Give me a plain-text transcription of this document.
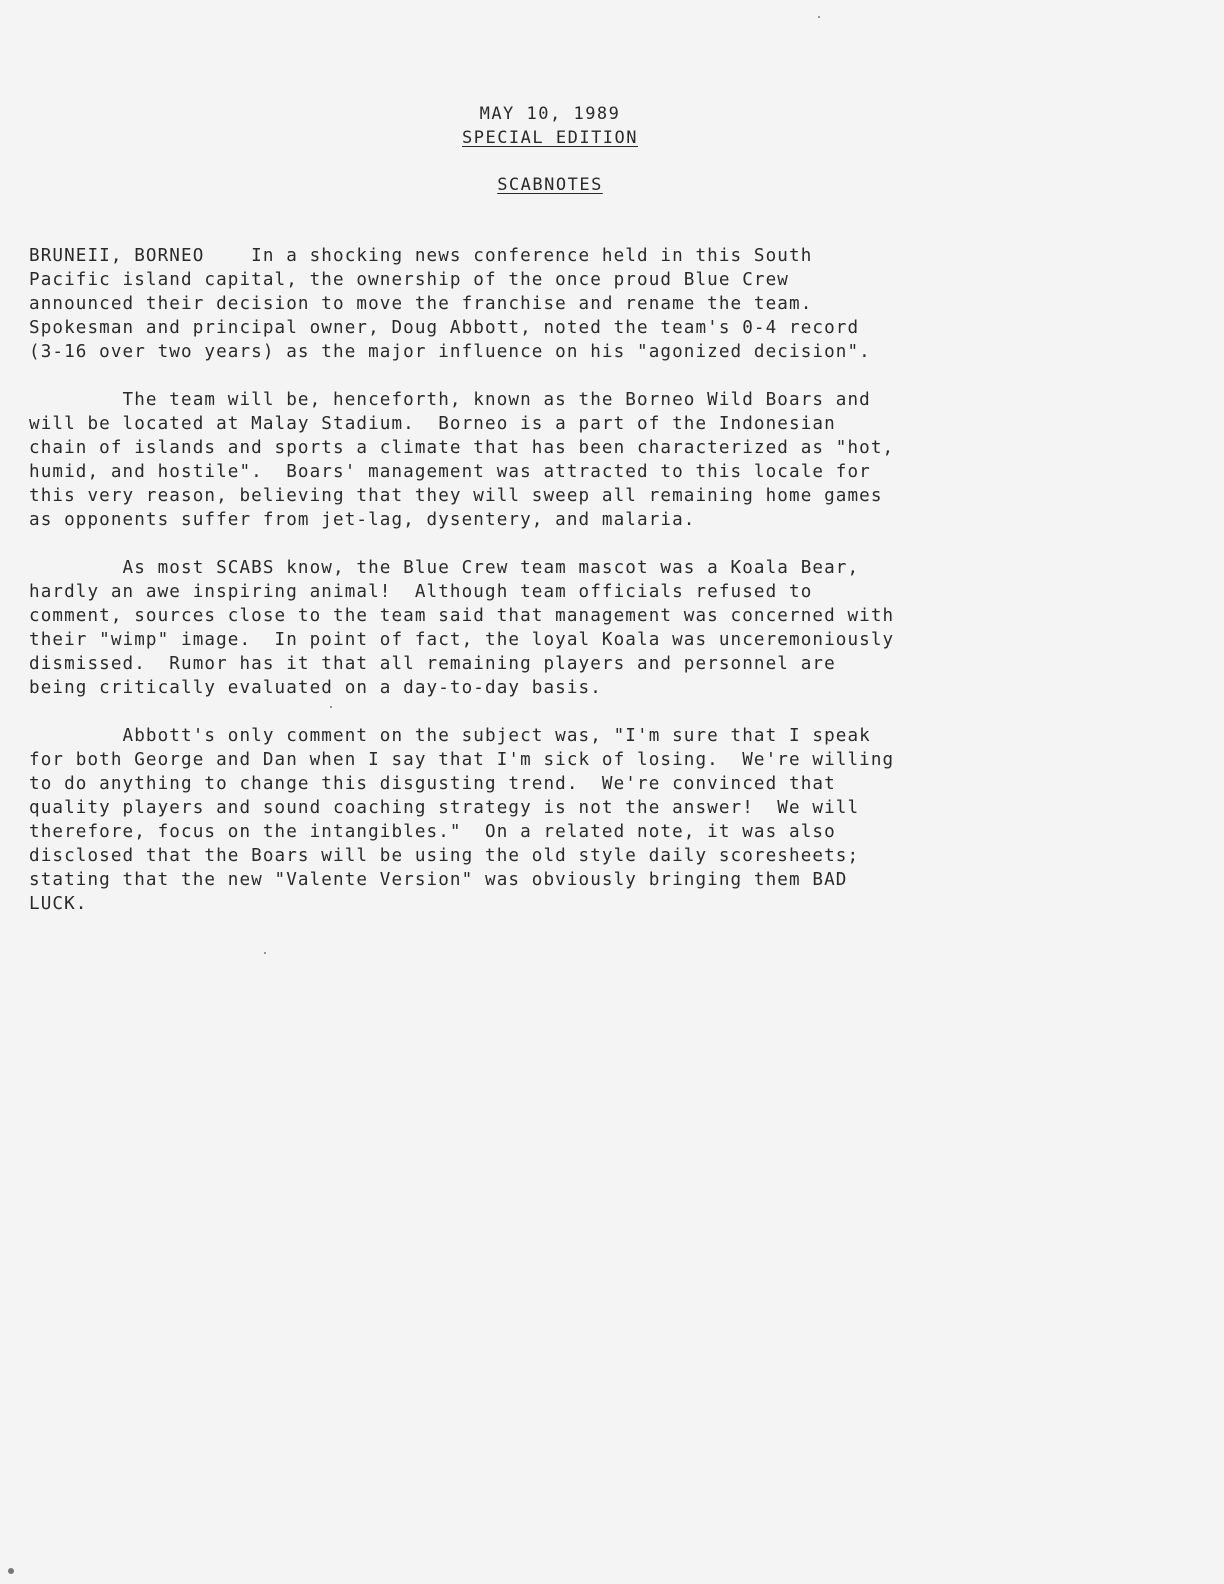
MAY 10, 1989
SPECIAL EDITION
SCABNOTES
BRUNEII, BORNEO    In a shocking news conference held in this South
Pacific island capital, the ownership of the once proud Blue Crew
announced their decision to move the franchise and rename the team.
Spokesman and principal owner, Doug Abbott, noted the team's 0-4 record
(3-16 over two years) as the major influence on his "agonized decision".
The team will be, henceforth, known as the Borneo Wild Boars and
will be located at Malay Stadium.  Borneo is a part of the Indonesian
chain of islands and sports a climate that has been characterized as "hot,
humid, and hostile".  Boars' management was attracted to this locale for
this very reason, believing that they will sweep all remaining home games
as opponents suffer from jet-lag, dysentery, and malaria.
As most SCABS know, the Blue Crew team mascot was a Koala Bear,
hardly an awe inspiring animal!  Although team officials refused to
comment, sources close to the team said that management was concerned with
their "wimp" image.  In point of fact, the loyal Koala was unceremoniously
dismissed.  Rumor has it that all remaining players and personnel are
being critically evaluated on a day-to-day basis.
Abbott's only comment on the subject was, "I'm sure that I speak
for both George and Dan when I say that I'm sick of losing.  We're willing
to do anything to change this disgusting trend.  We're convinced that
quality players and sound coaching strategy is not the answer!  We will
therefore, focus on the intangibles."  On a related note, it was also
disclosed that the Boars will be using the old style daily scoresheets;
stating that the new "Valente Version" was obviously bringing them BAD
LUCK.
